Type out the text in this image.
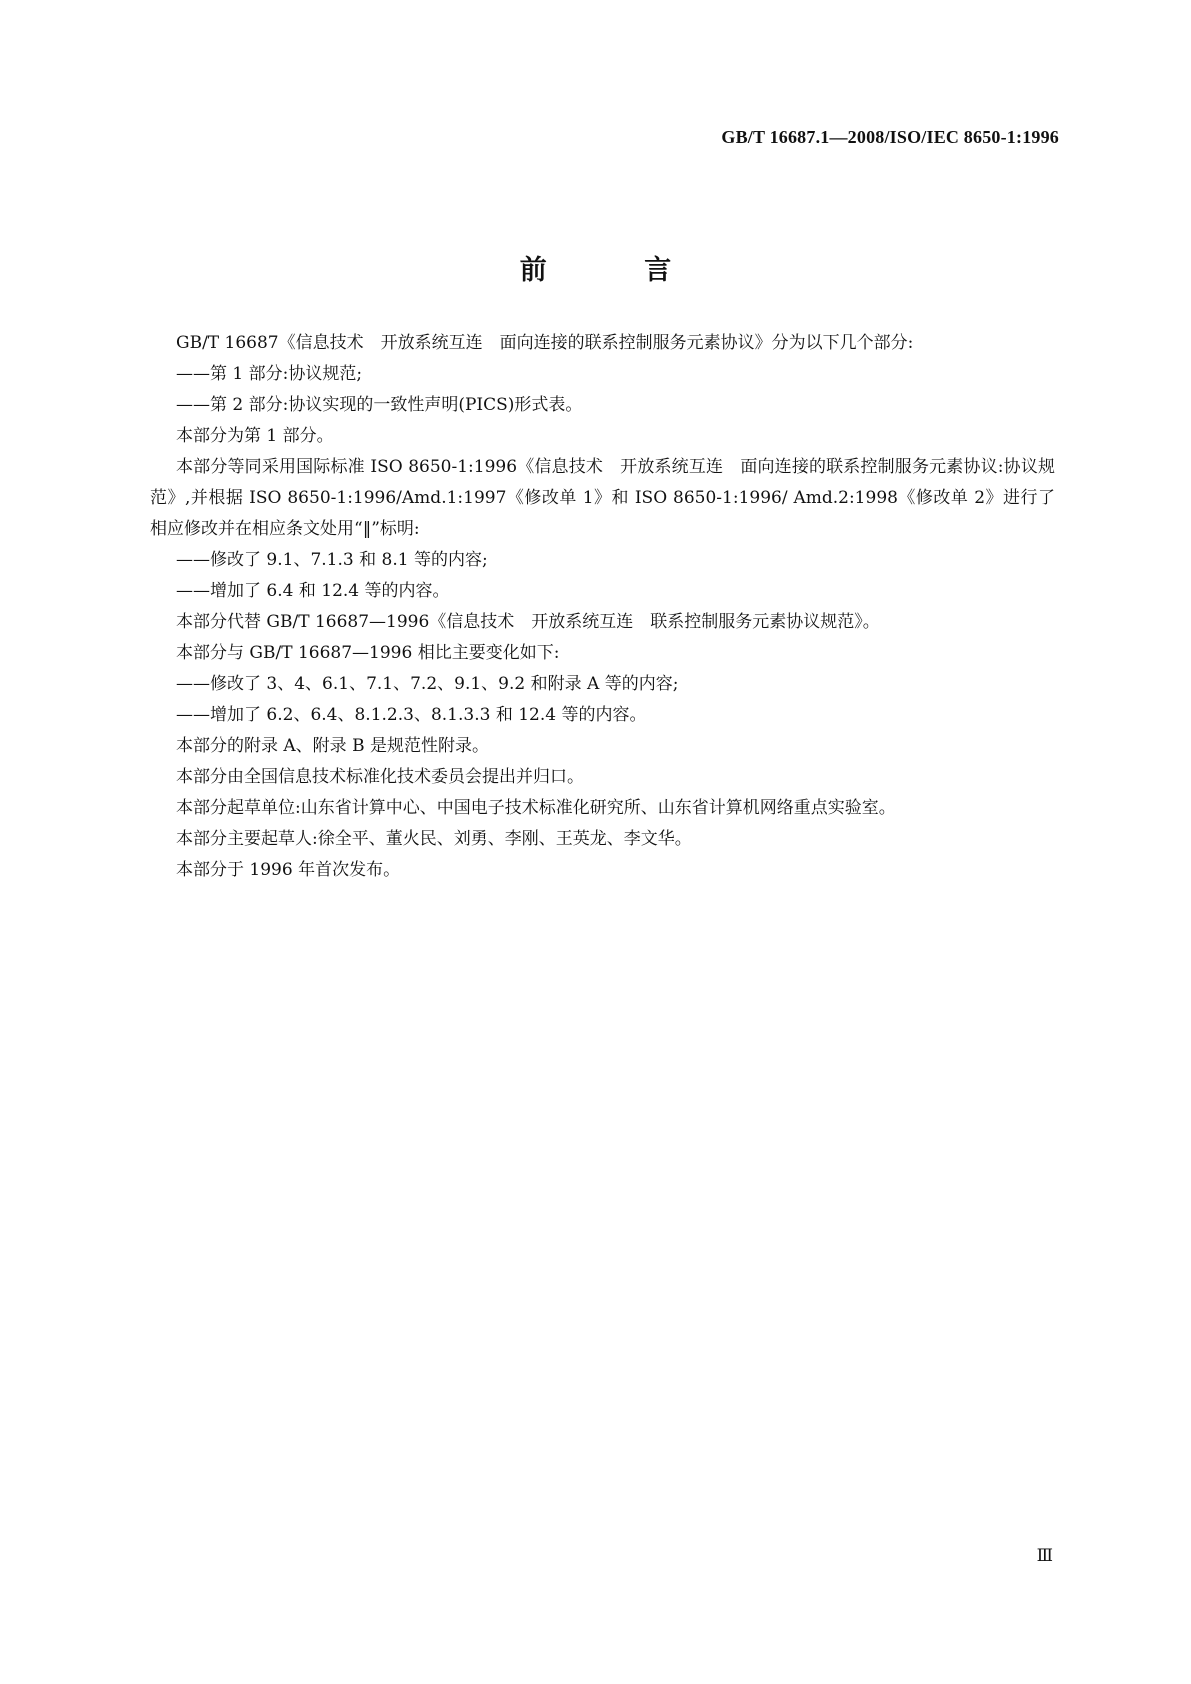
GB/T 16687.1—2008/ISO/IEC 8650-1:1996
前 言

GB/T 16687《信息技术　开放系统互连　面向连接的联系控制服务元素协议》分为以下几个部分:

——第 1 部分:协议规范;

——第 2 部分:协议实现的一致性声明(PICS)形式表。

本部分为第 1 部分。

本部分等同采用国际标准 ISO 8650-1:1996《信息技术　开放系统互连　面向连接的联系控制服务元素协议:协议规范》,并根据 ISO 8650-1:1996/Amd.1:1997《修改单 1》和 ISO 8650-1:1996/ Amd.2:1998《修改单 2》进行了相应修改并在相应条文处用“‖”标明:

——修改了 9.1、7.1.3 和 8.1 等的内容;

——增加了 6.4 和 12.4 等的内容。

本部分代替 GB/T 16687—1996《信息技术　开放系统互连　联系控制服务元素协议规范》。

本部分与 GB/T 16687—1996 相比主要变化如下:

——修改了 3、4、6.1、7.1、7.2、9.1、9.2 和附录 A 等的内容;

——增加了 6.2、6.4、8.1.2.3、8.1.3.3 和 12.4 等的内容。

本部分的附录 A、附录 B 是规范性附录。

本部分由全国信息技术标准化技术委员会提出并归口。

本部分起草单位:山东省计算中心、中国电子技术标准化研究所、山东省计算机网络重点实验室。

本部分主要起草人:徐全平、董火民、刘勇、李刚、王英龙、李文华。

本部分于 1996 年首次发布。

Ⅲ
